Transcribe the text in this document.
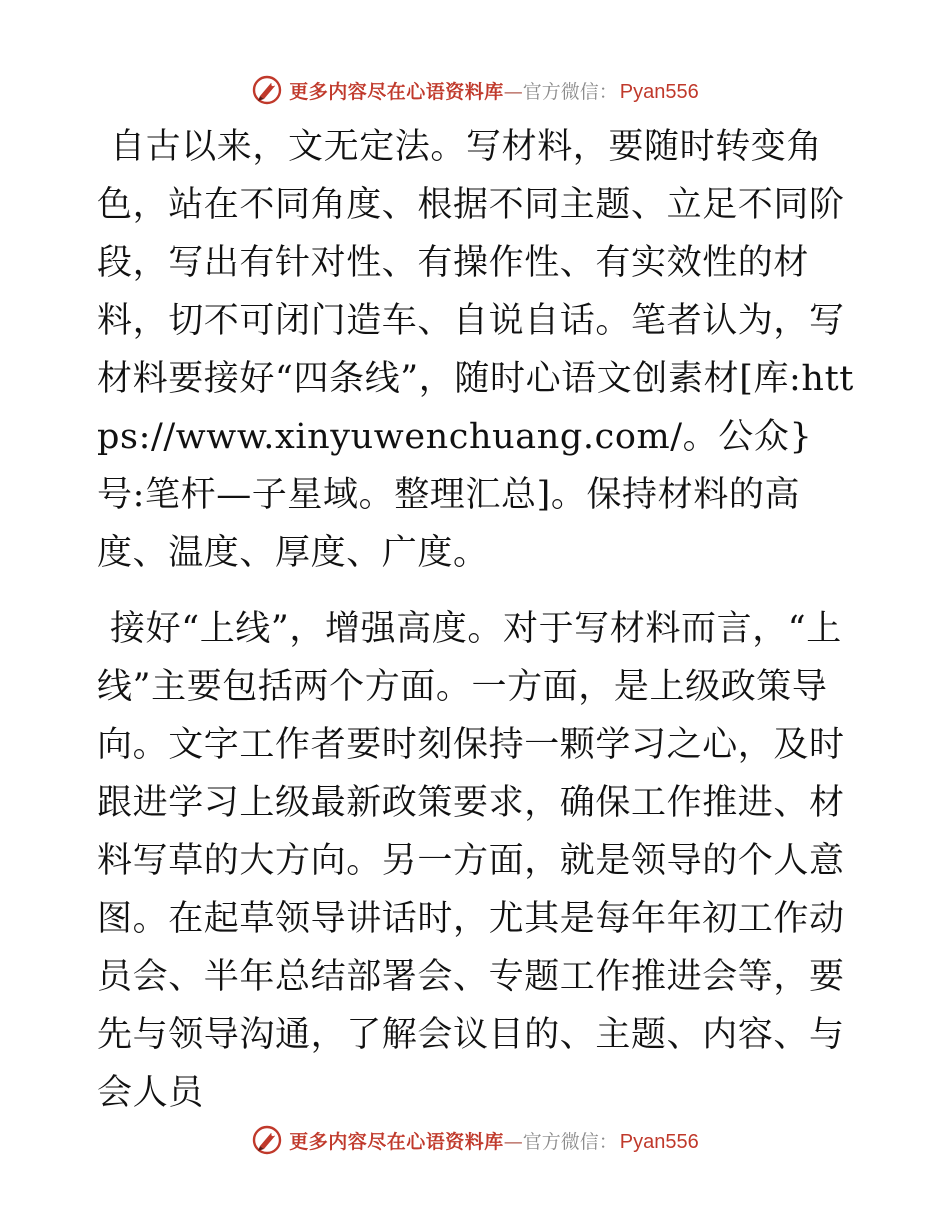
更多内容尽在心语资料库 — 官方微信： Pyan556

自古以来，文无定法。写材料，要随时转变角色，站在不同角度、根据不同主题、立足不同阶段，写出有针对性、有操作性、有实效性的材料，切不可闭门造车、自说自话。笔者认为，写材料要接好“四条线”，随时心语文创素材[库:https://www.xinyuwenchuang.com/。公众}号:笔杆—子星域。整理汇总]。保持材料的高度、温度、厚度、广度。

接好“上线”，增强高度。对于写材料而言，“上线”主要包括两个方面。一方面，是上级政策导向。文字工作者要时刻保持一颗学习之心，及时跟进学习上级最新政策要求，确保工作推进、材料写草的大方向。另一方面，就是领导的个人意图。在起草领导讲话时，尤其是每年年初工作动员会、半年总结部署会、专题工作推进会等，要先与领导沟通，了解会议目的、主题、内容、与会人员

更多内容尽在心语资料库 — 官方微信： Pyan556
